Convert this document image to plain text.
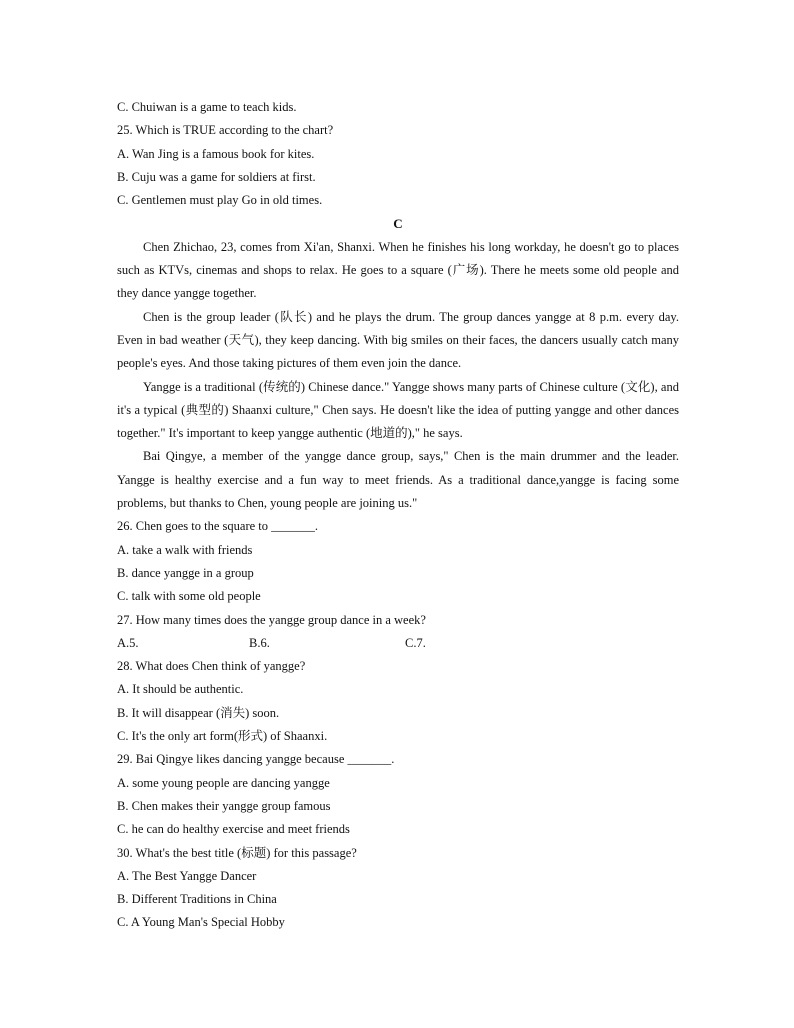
C. Chuiwan is a game to teach kids.
25. Which is TRUE according to the chart?
A. Wan Jing is a famous book for kites.
B. Cuju was a game for soldiers at first.
C. Gentlemen must play Go in old times.
C

Chen Zhichao, 23, comes from Xi'an, Shanxi. When he finishes his long workday, he doesn't go to places such as KTVs, cinemas and shops to relax. He goes to a square (广场). There he meets some old people and they dance yangge together.

Chen is the group leader (队长) and he plays the drum. The group dances yangge at 8 p.m. every day. Even in bad weather (天气), they keep dancing. With big smiles on their faces, the dancers usually catch many people's eyes. And those taking pictures of them even join the dance.

Yangge is a traditional (传统的) Chinese dance." Yangge shows many parts of Chinese culture (文化), and it's a typical (典型的) Shaanxi culture," Chen says. He doesn't like the idea of putting yangge and other dances together." It's important to keep yangge authentic (地道的)," he says.

Bai Qingye, a member of the yangge dance group, says," Chen is the main drummer and the leader. Yangge is healthy exercise and a fun way to meet friends. As a traditional dance,yangge is facing some problems, but thanks to Chen, young people are joining us."

26. Chen goes to the square to _______.
A. take a walk with friends
B. dance yangge in a group
C. talk with some old people
27. How many times does the yangge group dance in a week?
A.5.	B.6.	C.7.
28. What does Chen think of yangge?
A. It should be authentic.
B. It will disappear (消失) soon.
C. It's the only art form(形式) of Shaanxi.
29. Bai Qingye likes dancing yangge because _______.
A. some young people are dancing yangge
B. Chen makes their yangge group famous
C. he can do healthy exercise and meet friends
30. What's the best title (标题) for this passage?
A. The Best Yangge Dancer
B. Different Traditions in China
C. A Young Man's Special Hobby
